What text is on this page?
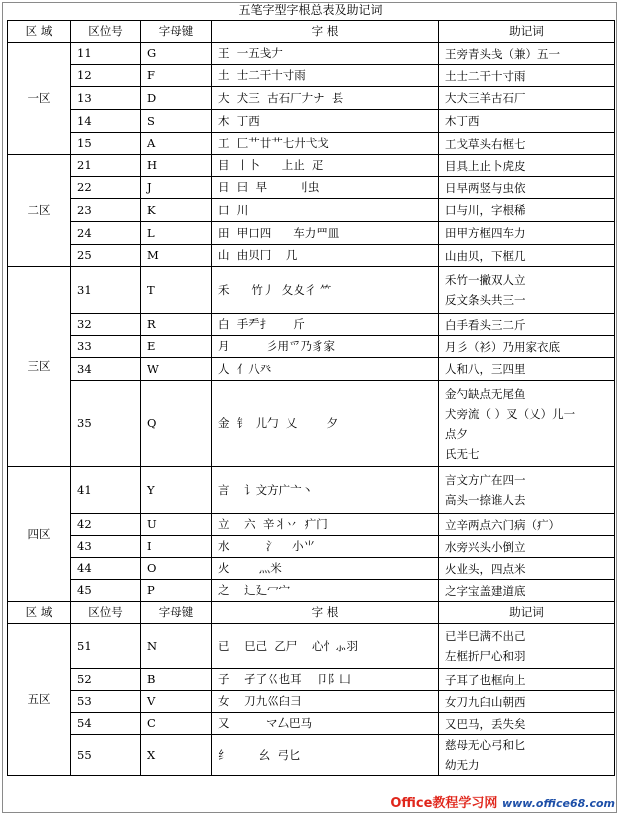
五笔字型字根总表及助记词
区 域	区位号	字母键	字 根	助记词
一区	11	G	王  一五戋𠂇	王旁青头戋（兼）五一

	12	F	土  士二干十寸雨	土士二干十寸雨

	13	D	大  犬三  古石厂𠂇ナ  镸	大犬三羊古石厂

	14	S	木  丁西	木丁西

	15	A	工  匚艹廿艹七廾弋戈	工戈草头右框七

二区	21	H	目  丨卜      上止  疋	目具上止卜虎皮

	22	J	日  曰  早        刂虫	日早两竖与虫依

	23	K	口  川	口与川，字根稀

	24	L	田  甲口四      车力罒皿	田甲方框四车力

	25	M	山  由贝冂    几	山由贝，下框几

三区	31	T	禾      竹丿  夂夊彳 ⺮	禾竹一撇双人立
反文条头共三一

	32	R	白  手龵扌      斤	白手看头三二斤

	33	E	月          彡用爫乃豸家	月彡（衫）乃用家衣底

	34	W	人  亻八癶	人和八，三四里

	35	Q	金  钅  儿勹  乂        夕	金勺缺点无尾鱼
犬旁流（ ）叉（乂）儿一
点夕
氏无七

四区	41	Y	言    讠文方广亠丶	言文方广在四一
高头一捺谁人去

	42	U	立    六  辛丬丷  疒门	立辛两点六门病（疒）

	43	I	水          氵    小⺌	水旁兴头小倒立

	44	O	火        灬米	火业头，四点米

	45	P	之    辶廴冖宀	之字宝盖建道底

区 域	区位号	字母键	字 根	助记词
五区	51	N	已    巳己  乙尸    心忄⺗羽	已半巳满不出己
左框折尸心和羽

	52	B	子    孑了巜也耳    卩阝凵	子耳了也框向上

	53	V	女    刀九巛臼彐	女刀九臼山朝西

	54	C	又          マ厶巴马	又巴马，丢失矣

	55	X	纟        幺  弓匕	慈母无心弓和匕
幼无力
Office教程学习网 www.office68.com
